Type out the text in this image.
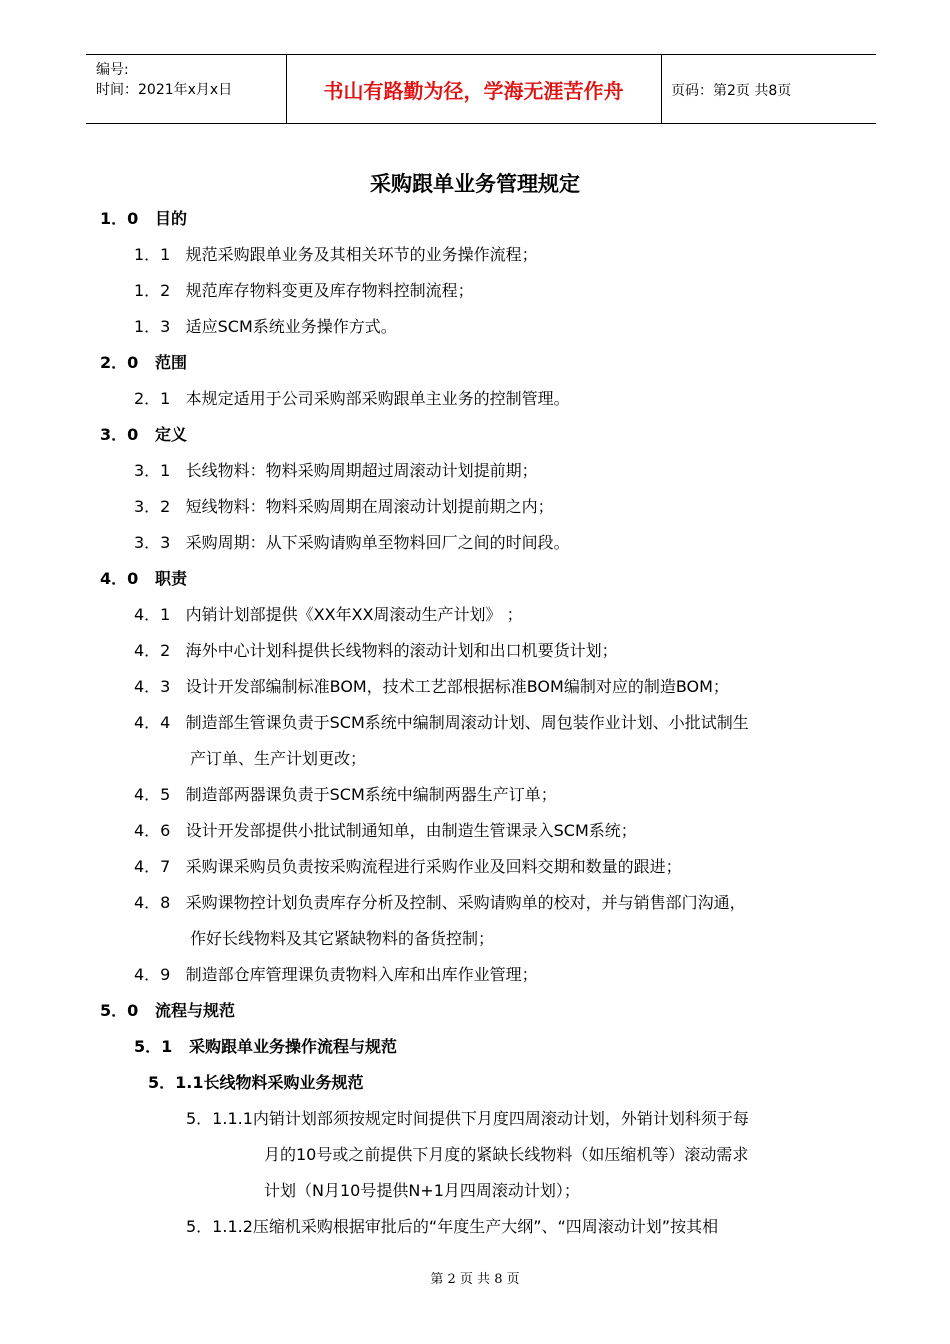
编号:
时间：2021年x月x日	书山有路勤为径，学海无涯苦作舟	页码：第2页 共8页
采购跟单业务管理规定
1．0 目的
1．1 规范采购跟单业务及其相关环节的业务操作流程；
1．2 规范库存物料变更及库存物料控制流程；
1．3 适应SCM系统业务操作方式。
2．0 范围
2．1 本规定适用于公司采购部采购跟单主业务的控制管理。
3．0 定义
3．1 长线物料：物料采购周期超过周滚动计划提前期；
3．2 短线物料：物料采购周期在周滚动计划提前期之内；
3．3 采购周期：从下采购请购单至物料回厂之间的时间段。
4．0 职责
4．1 内销计划部提供《XX年XX周滚动生产计划》 ；
4．2 海外中心计划科提供长线物料的滚动计划和出口机要货计划；
4．3 设计开发部编制标准BOM，技术工艺部根据标准BOM编制对应的制造BOM；
4．4 制造部生管课负责于SCM系统中编制周滚动计划、周包装作业计划、小批试制生
产订单、生产计划更改；
4．5 制造部两器课负责于SCM系统中编制两器生产订单；
4．6 设计开发部提供小批试制通知单，由制造生管课录入SCM系统；
4．7 采购课采购员负责按采购流程进行采购作业及回料交期和数量的跟进；
4．8 采购课物控计划负责库存分析及控制、采购请购单的校对，并与销售部门沟通，
作好长线物料及其它紧缺物料的备货控制；
4．9 制造部仓库管理课负责物料入库和出库作业管理；
5．0 流程与规范
5．1 采购跟单业务操作流程与规范
5．1.1长线物料采购业务规范
5．1.1.1内销计划部须按规定时间提供下月度四周滚动计划，外销计划科须于每
月的10号或之前提供下月度的紧缺长线物料（如压缩机等）滚动需求
计划（N月10号提供N+1月四周滚动计划）；
5．1.1.2压缩机采购根据审批后的“年度生产大纲”、“四周滚动计划”按其相
第 2 页 共 8 页
